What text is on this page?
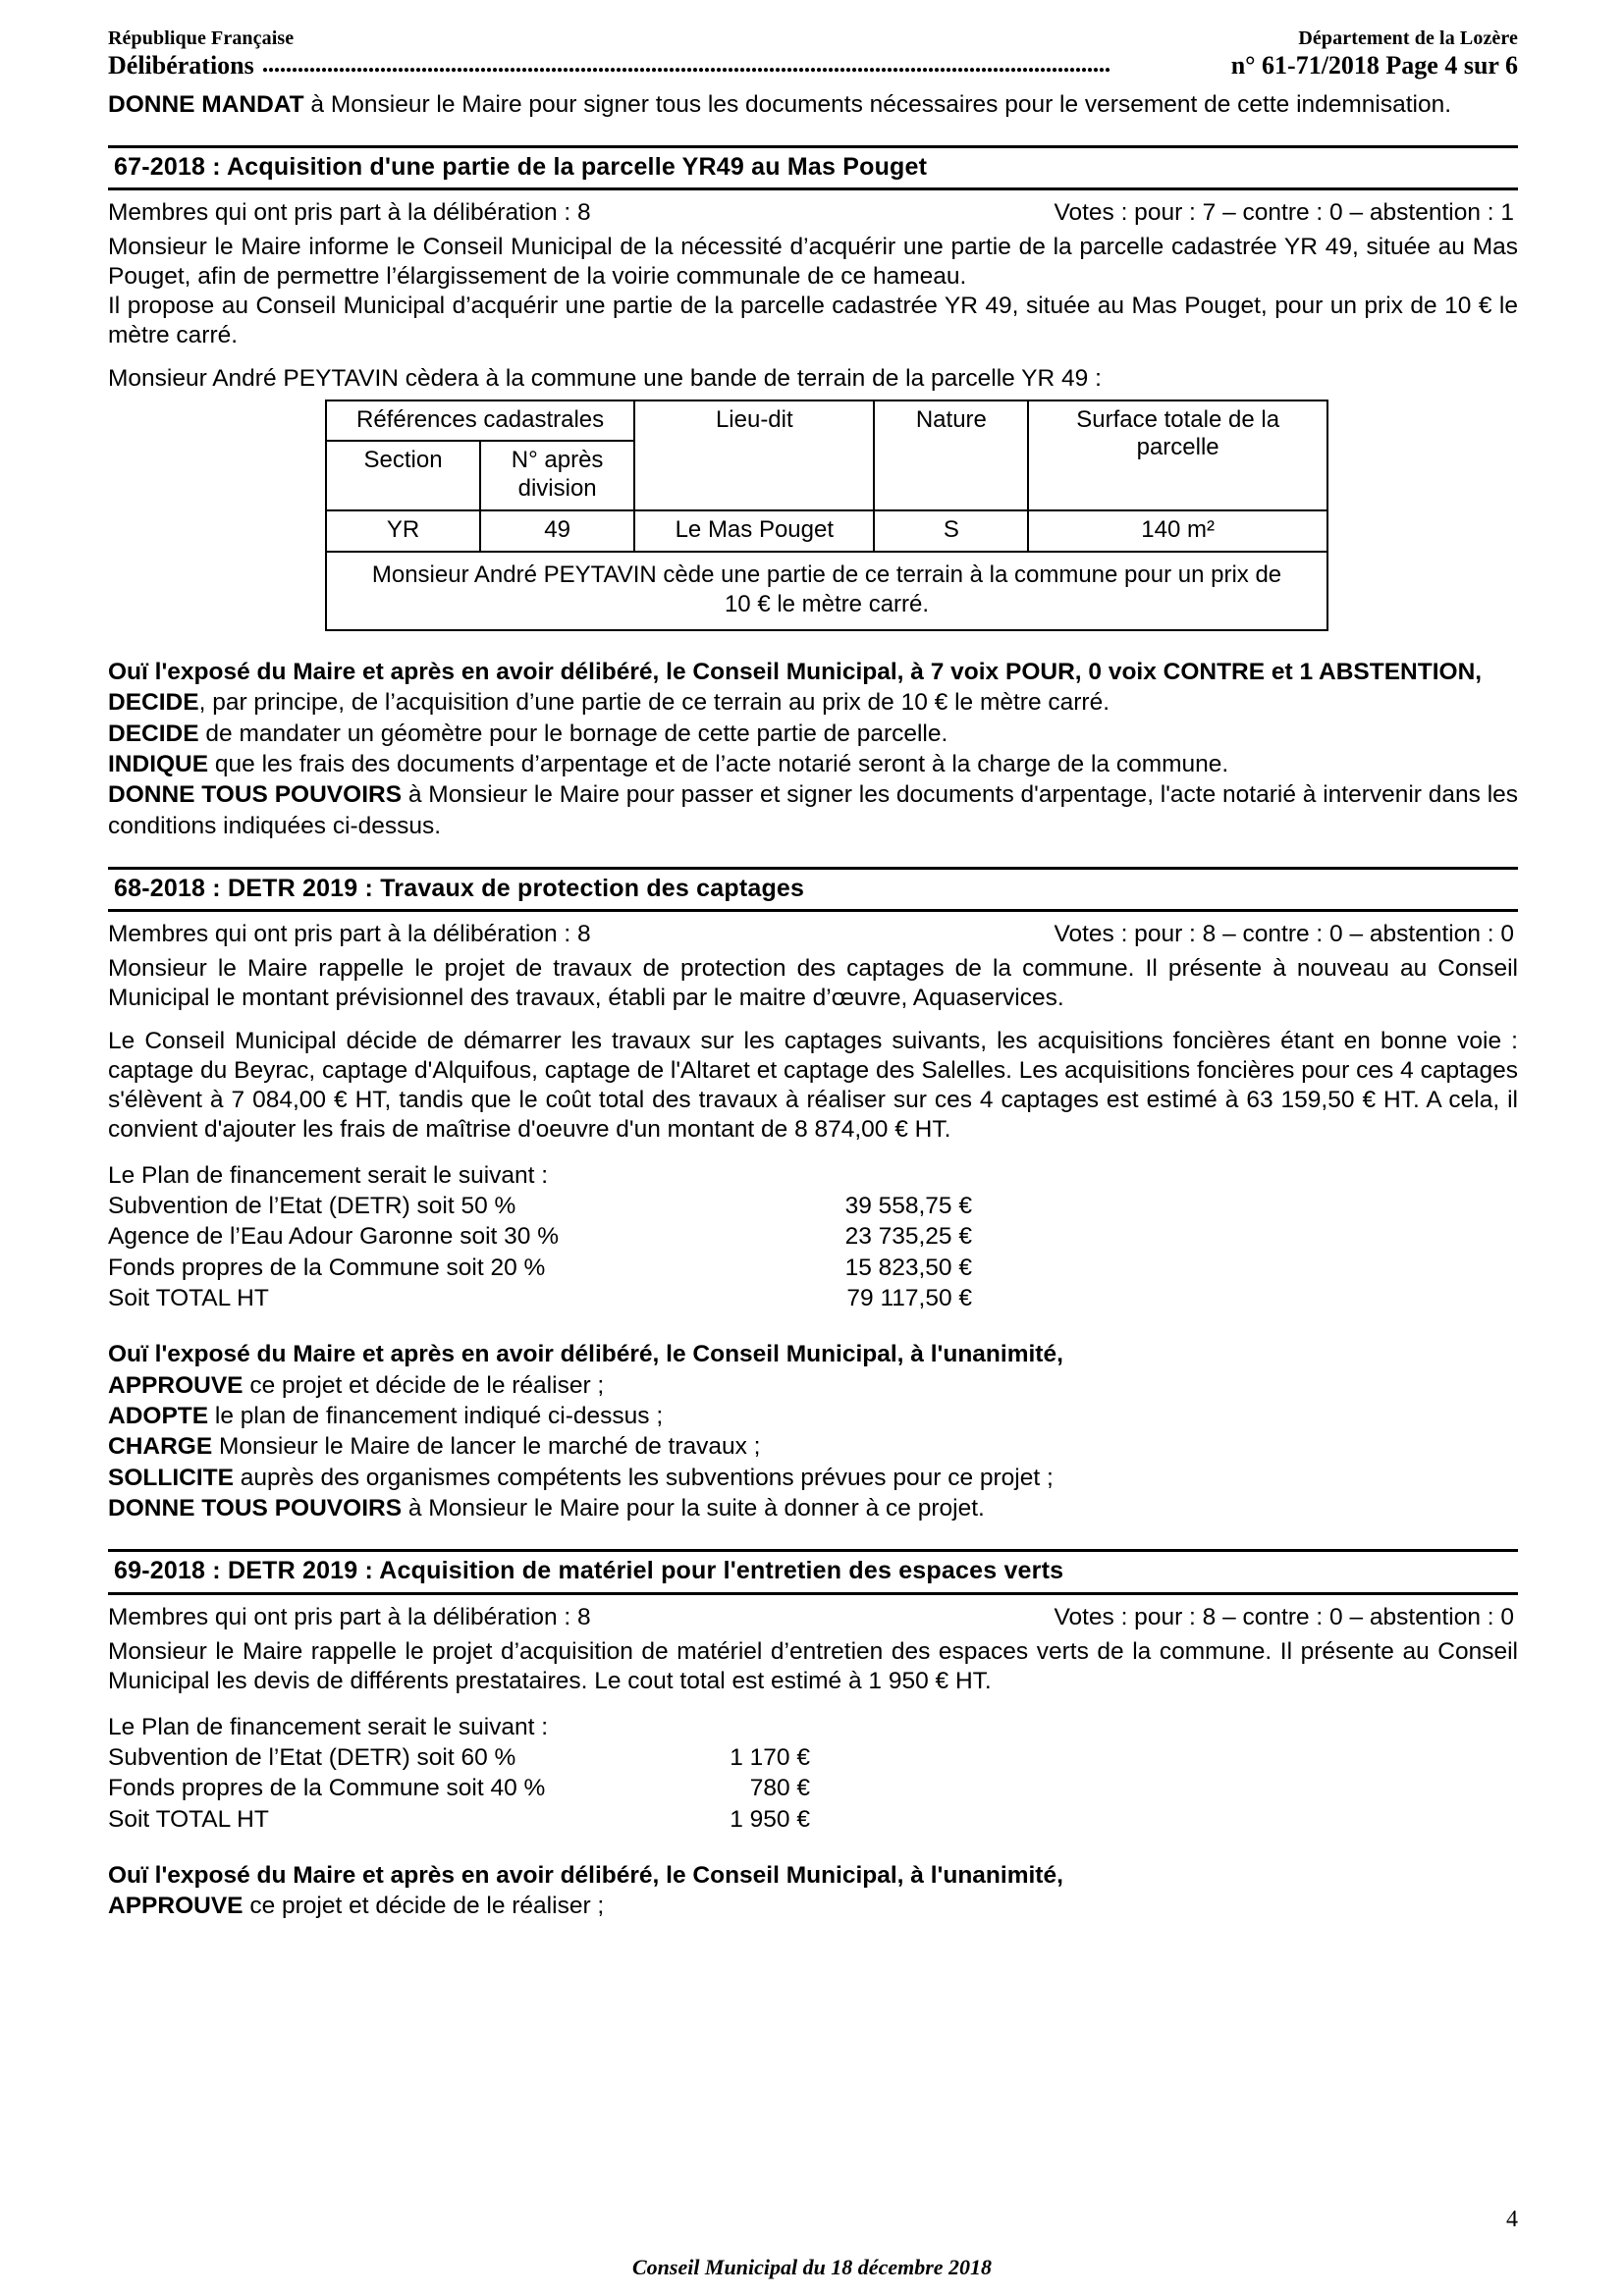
République Française	Département de la Lozère
Délibérations ................................................................................................................................................	n° 61-71/2018 Page 4 sur 6

DONNE MANDAT à Monsieur le Maire pour signer tous les documents nécessaires pour le versement de cette indemnisation.

67-2018 : Acquisition d'une partie de la parcelle YR49 au Mas Pouget
Membres qui ont pris part à la délibération : 8	Votes : pour : 7 – contre : 0 – abstention : 1

Monsieur le Maire informe le Conseil Municipal de la nécessité d’acquérir une partie de la parcelle cadastrée YR 49, située au Mas Pouget, afin de permettre l’élargissement de la voirie communale de ce hameau.

Il propose au Conseil Municipal d’acquérir une partie de la parcelle cadastrée YR 49, située au Mas Pouget, pour un prix de 10 € le mètre carré.

Monsieur André PEYTAVIN cèdera à la commune une bande de terrain de la parcelle YR 49 :

Références cadastrales		Lieu-dit	Nature	Surface totale de la parcelle
Section	N° après division			
YR	49	Le Mas Pouget	S	140 m²
Monsieur André PEYTAVIN cède une partie de ce terrain à la commune pour un prix de 10 € le mètre carré.				

Ouï l'exposé du Maire et après en avoir délibéré, le Conseil Municipal, à 7 voix POUR, 0 voix CONTRE et 1 ABSTENTION,

DECIDE, par principe, de l’acquisition d’une partie de ce terrain au prix de 10 € le mètre carré.

DECIDE de mandater un géomètre pour le bornage de cette partie de parcelle.

INDIQUE que les frais des documents d’arpentage et de l’acte notarié seront à la charge de la commune.

DONNE TOUS POUVOIRS à Monsieur le Maire pour passer et signer les documents d'arpentage, l'acte notarié à intervenir dans les conditions indiquées ci-dessus.

68-2018 : DETR 2019 : Travaux de protection des captages
Membres qui ont pris part à la délibération : 8	Votes : pour : 8 – contre : 0 – abstention : 0

Monsieur le Maire rappelle le projet de travaux de protection des captages de la commune. Il présente à nouveau au Conseil Municipal le montant prévisionnel des travaux, établi par le maitre d’œuvre, Aquaservices.

Le Conseil Municipal décide de démarrer les travaux sur les captages suivants, les acquisitions foncières étant en bonne voie : captage du Beyrac, captage d'Alquifous, captage de l'Altaret et captage des Salelles. Les acquisitions foncières pour ces 4 captages s'élèvent à 7 084,00 € HT, tandis que le coût total des travaux à réaliser sur ces 4 captages est estimé à 63 159,50 € HT. A cela, il convient d'ajouter les frais de maîtrise d'oeuvre d'un montant de 8 874,00 € HT.

Le Plan de financement serait le suivant :
Subvention de l’Etat (DETR) soit 50 %	39 558,75 €
Agence de l’Eau Adour Garonne soit 30 %	23 735,25 €
Fonds propres de la Commune soit 20 %	15 823,50 €
Soit TOTAL HT	79 117,50 €

Ouï l'exposé du Maire et après en avoir délibéré, le Conseil Municipal, à l'unanimité,

APPROUVE ce projet et décide de le réaliser ;

ADOPTE le plan de financement indiqué ci-dessus ;

CHARGE Monsieur le Maire de lancer le marché de travaux ;

SOLLICITE auprès des organismes compétents les subventions prévues pour ce projet ;

DONNE TOUS POUVOIRS à Monsieur le Maire pour la suite à donner à ce projet.

69-2018 : DETR 2019 : Acquisition de matériel pour l'entretien des espaces verts
Membres qui ont pris part à la délibération : 8	Votes : pour : 8 – contre : 0 – abstention : 0

Monsieur le Maire rappelle le projet d’acquisition de matériel d’entretien des espaces verts de la commune. Il présente au Conseil Municipal les devis de différents prestataires. Le cout total est estimé à 1 950 € HT.

Le Plan de financement serait le suivant :
Subvention de l’Etat (DETR) soit 60 %	1 170 €
Fonds propres de la Commune soit 40 %	780 €
Soit TOTAL HT	1 950 €

Ouï l'exposé du Maire et après en avoir délibéré, le Conseil Municipal, à l'unanimité,

APPROUVE ce projet et décide de le réaliser ;

4
Conseil Municipal du 18 décembre 2018
